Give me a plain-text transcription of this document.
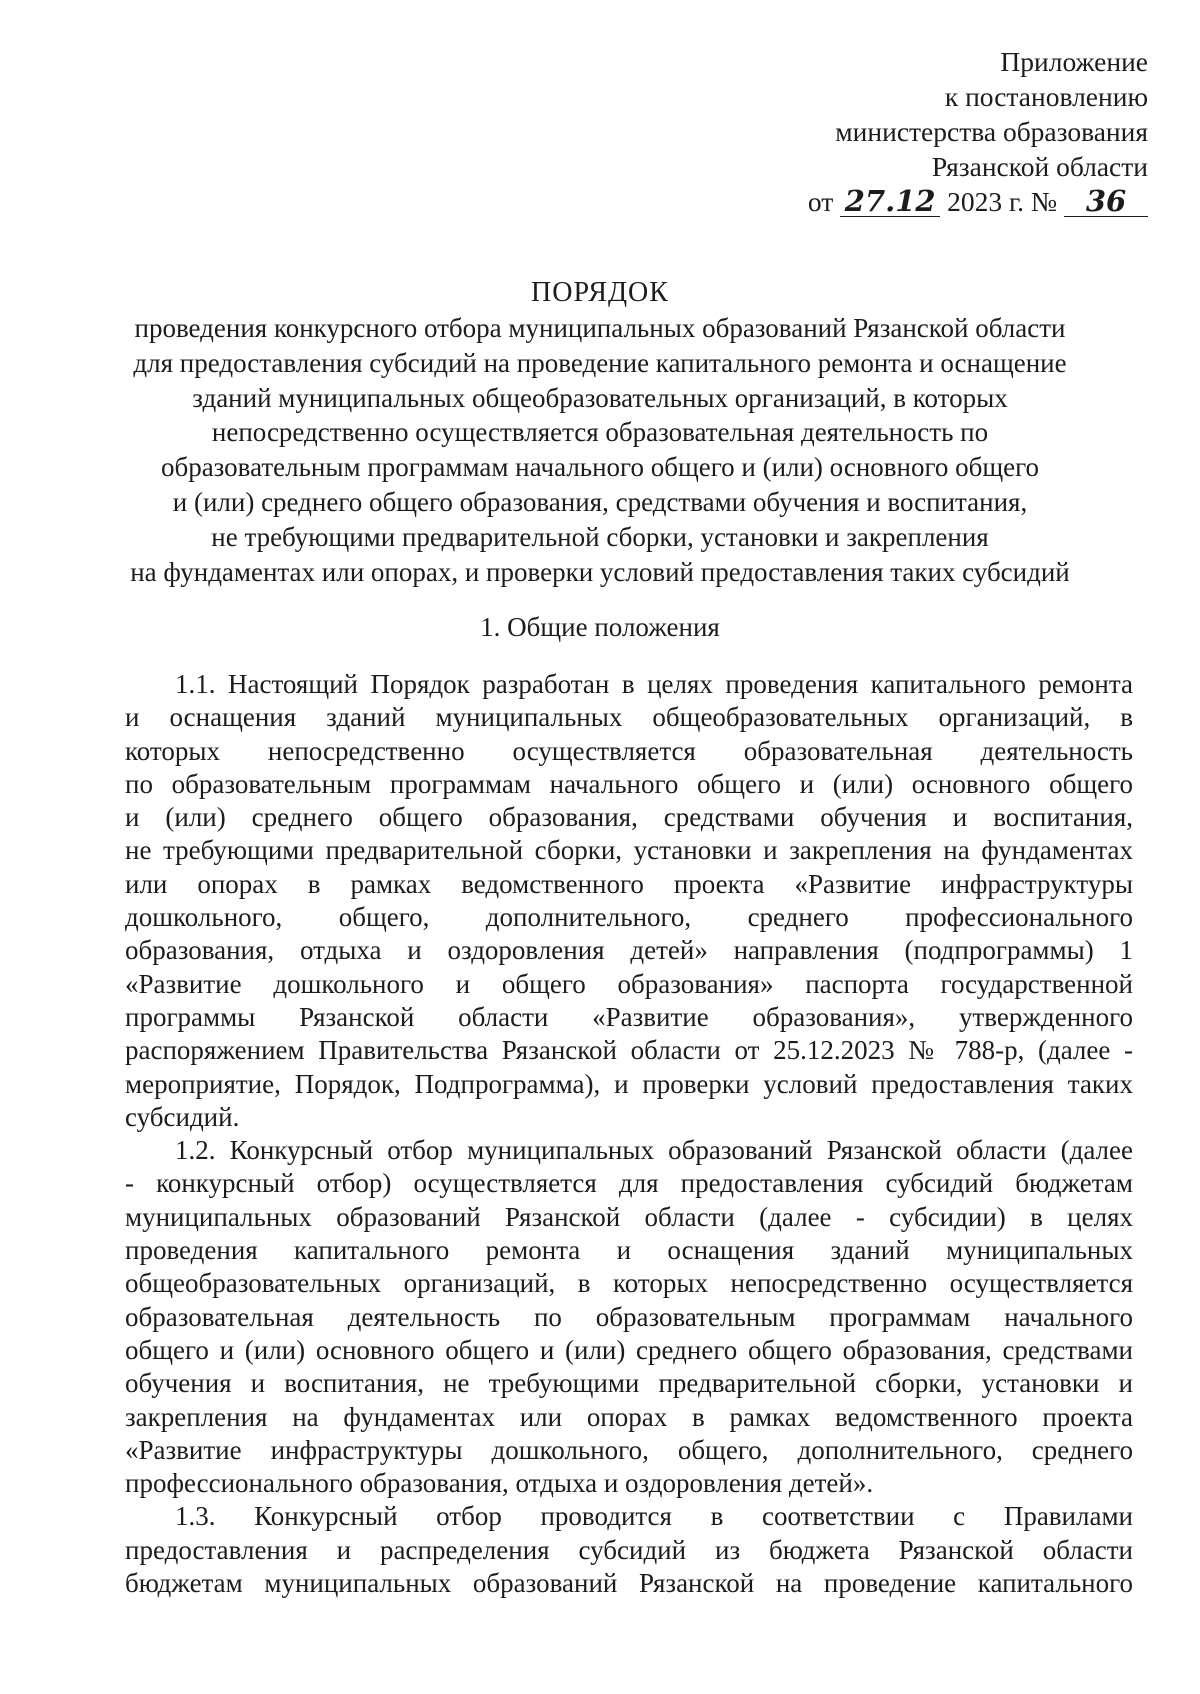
Приложение
к постановлению
министерства образования
Рязанской области
от 27.12 2023 г. № 36
ПОРЯДОК
проведения конкурсного отбора муниципальных образований Рязанской области
для предоставления субсидий на проведение капитального ремонта и оснащение
зданий муниципальных общеобразовательных организаций, в которых
непосредственно осуществляется образовательная деятельность по
образовательным программам начального общего и (или) основного общего
и (или) среднего общего образования, средствами обучения и воспитания,
не требующими предварительной сборки, установки и закрепления
на фундаментах или опорах, и проверки условий предоставления таких субсидий
1. Общие положения

1.1. Настоящий Порядок разработан в целях проведения капитального ремонта
и оснащения зданий муниципальных общеобразовательных организаций, в
которых непосредственно осуществляется образовательная деятельность
по образовательным программам начального общего и (или) основного общего
и (или) среднего общего образования, средствами обучения и воспитания,
не требующими предварительной сборки, установки и закрепления на фундаментах
или опорах в рамках ведомственного проекта «Развитие инфраструктуры
дошкольного, общего, дополнительного, среднего профессионального
образования, отдыха и оздоровления детей» направления (подпрограммы) 1
«Развитие дошкольного и общего образования» паспорта государственной
программы Рязанской области «Развитие образования», утвержденного
распоряжением Правительства Рязанской области от 25.12.2023 № 788-р, (далее -
мероприятие, Порядок, Подпрограмма), и проверки условий предоставления таких
субсидий.

1.2. Конкурсный отбор муниципальных образований Рязанской области (далее
- конкурсный отбор) осуществляется для предоставления субсидий бюджетам
муниципальных образований Рязанской области (далее - субсидии) в целях
проведения капитального ремонта и оснащения зданий муниципальных
общеобразовательных организаций, в которых непосредственно осуществляется
образовательная деятельность по образовательным программам начального
общего и (или) основного общего и (или) среднего общего образования, средствами
обучения и воспитания, не требующими предварительной сборки, установки и
закрепления на фундаментах или опорах в рамках ведомственного проекта
«Развитие инфраструктуры дошкольного, общего, дополнительного, среднего
профессионального образования, отдыха и оздоровления детей».

1.3. Конкурсный отбор проводится в соответствии с Правилами
предоставления и распределения субсидий из бюджета Рязанской области
бюджетам муниципальных образований Рязанской на проведение капитального
